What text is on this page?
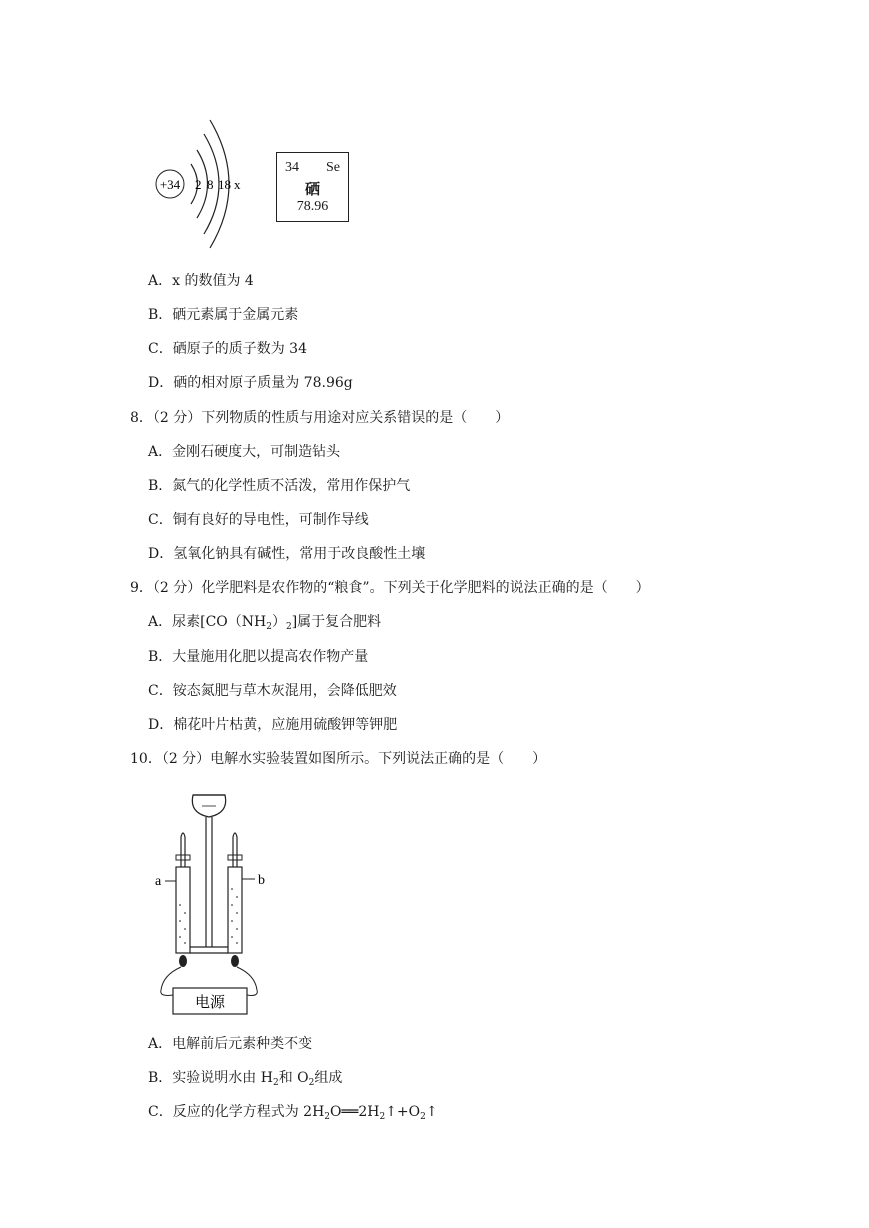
+34 2 8 18 x
34 Se
硒
78.96
A．x 的数值为 4
B．硒元素属于金属元素
C．硒原子的质子数为 34
D．硒的相对原子质量为 78.96g
8．（2 分）下列物质的性质与用途对应关系错误的是（　　）
A．金刚石硬度大，可制造钻头
B．氮气的化学性质不活泼，常用作保护气
C．铜有良好的导电性，可制作导线
D．氢氧化钠具有碱性，常用于改良酸性土壤
9．（2 分）化学肥料是农作物的“粮食”。下列关于化学肥料的说法正确的是（　　）
A．尿素$[CO(NH_2)_2]$属于复合肥料
B．大量施用化肥以提高农作物产量
C．铵态氮肥与草木灰混用，会降低肥效
D．棉花叶片枯黄，应施用硫酸钾等钾肥
10．（2 分）电解水实验装置如图所示。下列说法正确的是（　　）
a	b
电源
A．电解前后元素种类不变
B．实验说明水由 $H_2$和 $O_2$组成
C．反应的化学方程式为 $2H_2O══2H_2↑+O_2↑$
